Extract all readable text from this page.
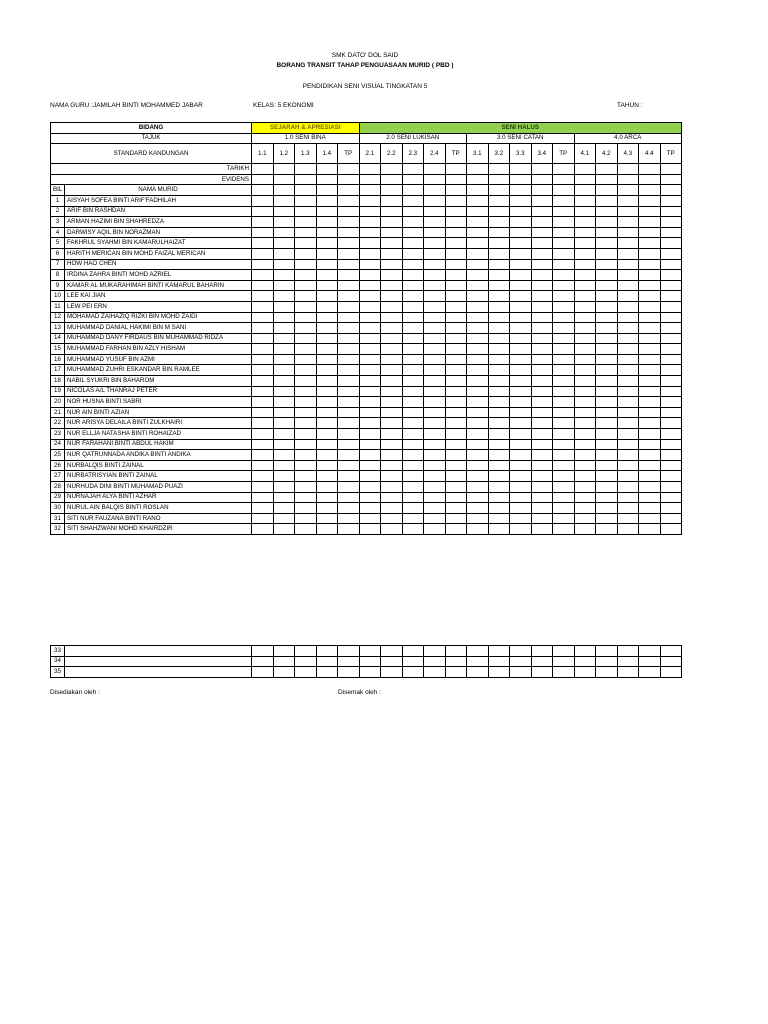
SMK DATO' DOL SAID
BORANG TRANSIT TAHAP PENGUASAAN MURID ( PBD )
PENDIDIKAN SENI VISUAL TINGKATAN 5
NAMA GURU :JAMILAH BINTI MOHAMMED JABAR	KELAS: 5 EKONOMI	TAHUN :
BIDANG		SEJARAH & APRESIASI					SENI HALUS														
TAJUK		1.0 SENI BINA					2.0 SENI LUKISAN					3.0 SENI CATAN					4.0 ARCA				
STANDARD KANDUNGAN		1.1	1.2	1.3	1.4	TP	2.1	2.2	2.3	2.4	TP	3.1	3.2	3.3	3.4	TP	4.1	4.2	4.3	4.4	TP
TARIKH																					
EVIDENS																					
BIL	NAMA MURID																				
1	AISYAH SOFEA BINTI ARIF'FADHILAH																				
2	ARIF BIN RASHDAN																				
3	ARMAN HAZIMI BIN SHAHREDZA																				
4	DARWISY AQIL BIN NORAZMAN																				
5	FAKHRUL SYAHMI BIN KAMARULHAIZAT																				
6	HARITH MERICAN BIN MOHD FAIZAL MERICAN																				
7	HOW HAO CHEN																				
8	IRDINA ZAHRA BINTI MOHD AZRIEL																				
9	KAMAR AL MUKARAHIMAH BINTI KAMARUL BAHARIN																				
10	LEE KAI JIAN																				
11	LEW PEI ERN																				
12	MOHAMAD ZAIHAZIQ RIZKI BIN MOHD ZAIDI																				
13	MUHAMMAD DANIAL HAKIMI BIN M SANI																				
14	MUHAMMAD DANY FIRDAUS BIN MUHAMMAD RIDZA																				
15	MUHAMMAD FARHAN BIN AZLY HISHAM																				
16	MUHAMMAD YUSUF BIN AZMI																				
17	MUHAMMAD ZUHRI ESKANDAR BIN RAMLEE																				
18	NABIL SYUKRI BIN BAHAROM																				
19	NICOLAS A/L THANRAJ PETER																				
20	NOR HUSNA BINTI SABRI																				
21	NUR AIN BINTI AZIAN																				
22	NUR ARISYA DELAILA BINTI ZULKHAIRI																				
23	NUR ELLJA NATASHA BINTI ROHAIZAD																				
24	NUR FARAHANI BINTI ABDUL HAKIM																				
25	NUR QATRUNNADA ANDIKA BINTI ANDIKA																				
26	NURBALQIS BINTI ZAINAL																				
27	NURBATRISYIAN BINTI ZAINAL																				
28	NURHUDA DINI BINTI MUHAMAD PUAZI																				
29	NURNAJAH ALYA BINTI AZHAR																				
30	NURUL AIN BALQIS BINTI ROSLAN																				
31	SITI NUR FAUZANA BINTI RANO																				
32	SITI SHAHZWANI MOHD KHAIRDZIR																				
33																					
34																					
35																					
Disediakan oleh :	Disemak oleh :
